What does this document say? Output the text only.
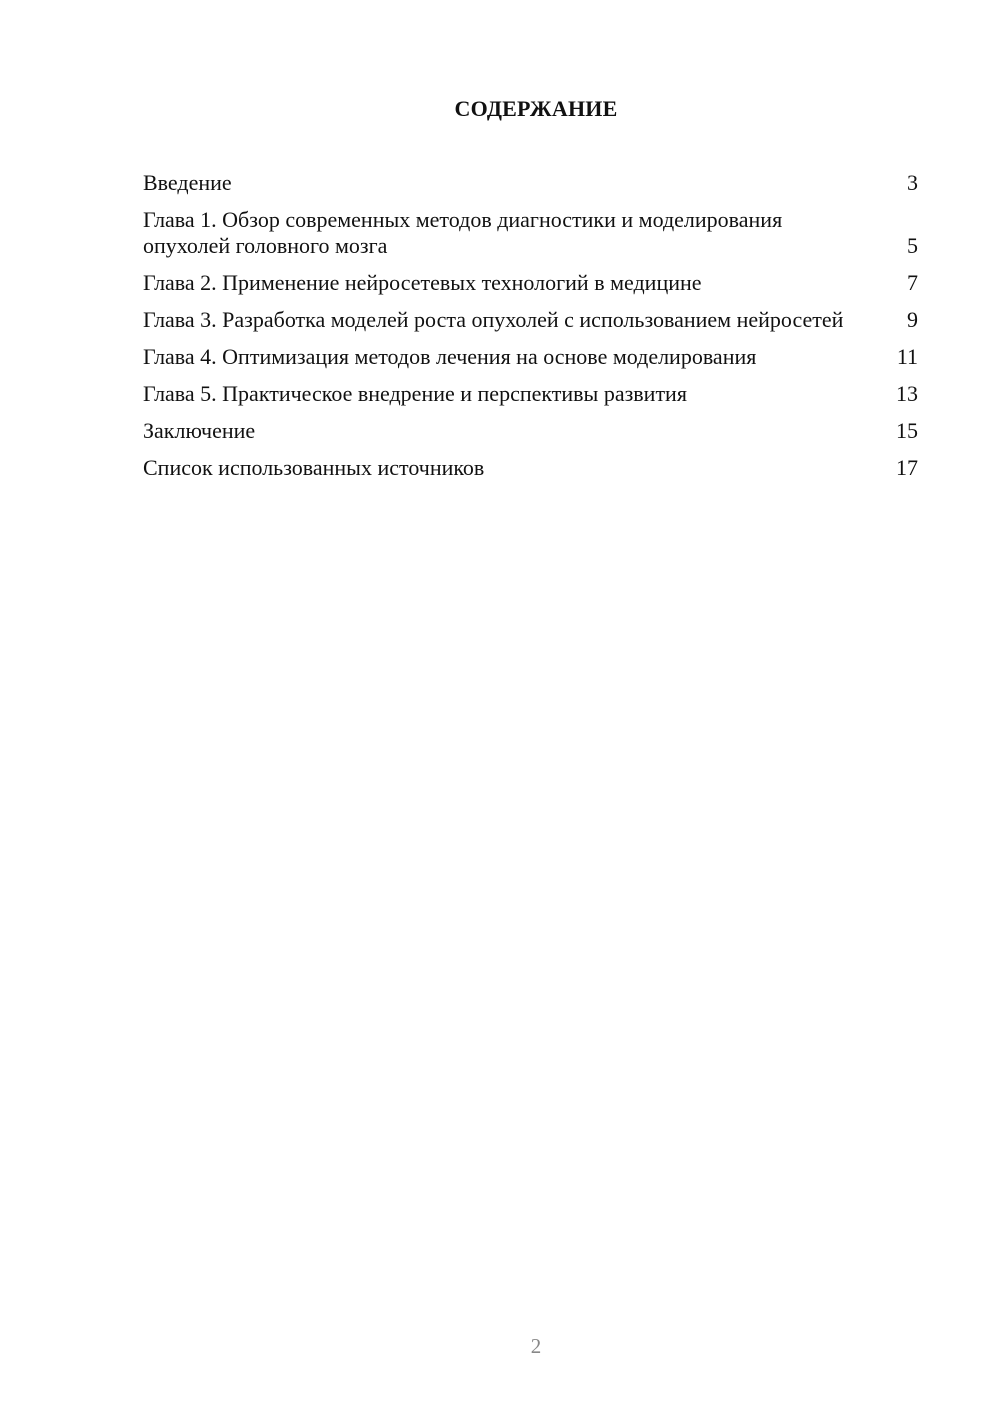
СОДЕРЖАНИЕ
Введение	3
Глава 1. Обзор современных методов диагностики и моделирования опухолей головного мозга	5
Глава 2. Применение нейросетевых технологий в медицине	7
Глава 3. Разработка моделей роста опухолей с использованием нейросетей	9
Глава 4. Оптимизация методов лечения на основе моделирования	11
Глава 5. Практическое внедрение и перспективы развития	13
Заключение	15
Список использованных источников	17
2
